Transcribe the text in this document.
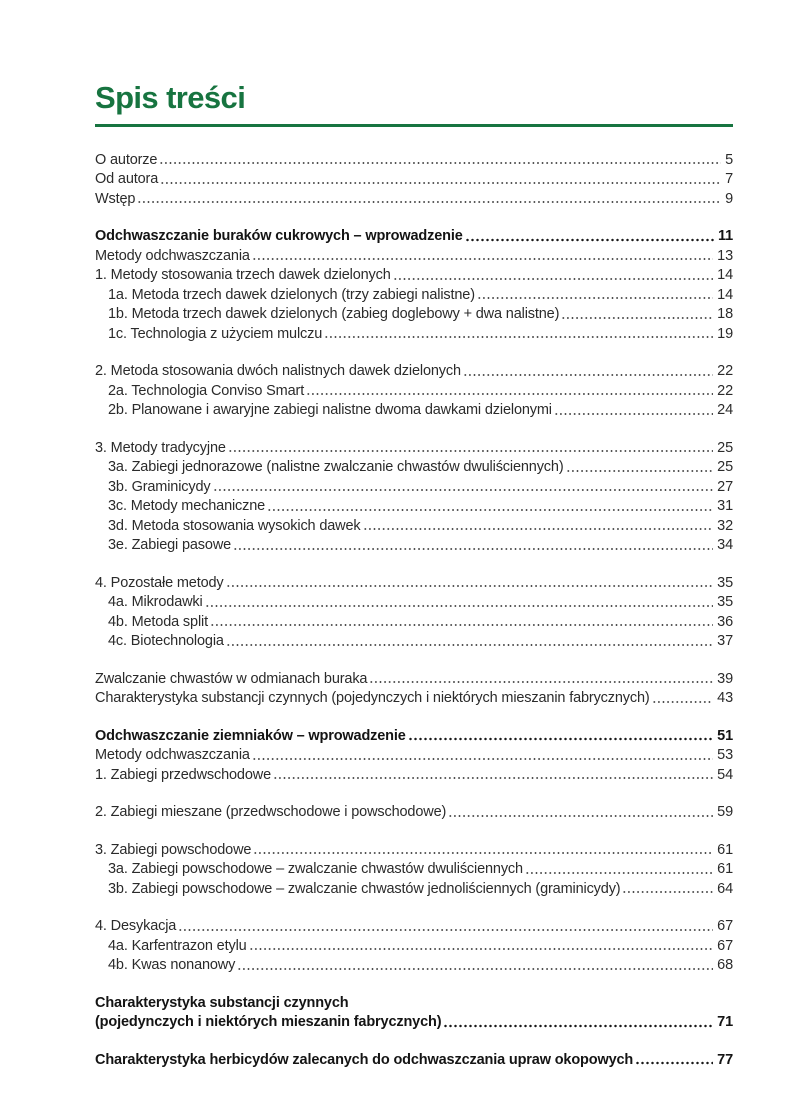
Spis treści
O autorze	5
Od autora	7
Wstęp	9
Odchwaszczanie buraków cukrowych – wprowadzenie	11
Metody odchwaszczania	13
1. Metody stosowania trzech dawek dzielonych	14
1a. Metoda trzech dawek dzielonych (trzy zabiegi nalistne)	14
1b. Metoda trzech dawek dzielonych (zabieg doglebowy + dwa nalistne)	18
1c. Technologia z użyciem mulczu	19
2. Metoda stosowania dwóch nalistnych dawek dzielonych	22
2a. Technologia Conviso Smart	22
2b. Planowane i awaryjne zabiegi nalistne dwoma dawkami dzielonymi	24
3. Metody tradycyjne	25
3a. Zabiegi jednorazowe (nalistne zwalczanie chwastów dwuliściennych)	25
3b. Graminicydy	27
3c. Metody mechaniczne	31
3d. Metoda stosowania wysokich dawek	32
3e. Zabiegi pasowe	34
4. Pozostałe metody	35
4a. Mikrodawki	35
4b. Metoda split	36
4c. Biotechnologia	37
Zwalczanie chwastów w odmianach buraka	39
Charakterystyka substancji czynnych (pojedynczych i niektórych mieszanin fabrycznych)	43
Odchwaszczanie ziemniaków – wprowadzenie	51
Metody odchwaszczania	53
1. Zabiegi przedwschodowe	54
2. Zabiegi mieszane (przedwschodowe i powschodowe)	59
3. Zabiegi powschodowe	61
3a. Zabiegi powschodowe – zwalczanie chwastów dwuliściennych	61
3b. Zabiegi powschodowe – zwalczanie chwastów jednoliściennych (graminicydy)	64
4. Desykacja	67
4a. Karfentrazon etylu	67
4b. Kwas nonanowy	68
Charakterystyka substancji czynnych
(pojedynczych i niektórych mieszanin fabrycznych)	71
Charakterystyka herbicydów zalecanych do odchwaszczania upraw okopowych	77
